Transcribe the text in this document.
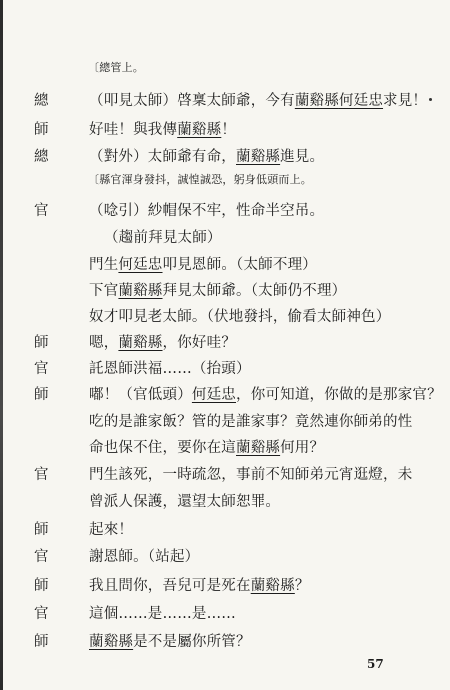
〔總管上。
〔縣官渾身發抖，誠惶誠恐，躬身低頭而上。
總	（叩見太師）啓稟太師爺，今有蘭谿縣何廷忠求見！
師	好哇！與我傳蘭谿縣！
總	（對外）太師爺有命，蘭谿縣進見。
官	（唸引）紗帽保不牢，性命半空吊。
（趨前拜見太師）
門生何廷忠叩見恩師。（太師不理）
下官蘭谿縣拜見太師爺。（太師仍不理）
奴才叩見老太師。（伏地發抖，偷看太師神色）
師	嗯，蘭谿縣，你好哇？
官	託恩師洪福……（抬頭）
師	嘟！（官低頭）何廷忠，你可知道，你做的是那家官？
吃的是誰家飯？管的是誰家事？竟然連你師弟的性
命也保不住，要你在這蘭谿縣何用？
官	門生該死，一時疏忽，事前不知師弟元宵逛燈，未
曾派人保護，還望太師恕罪。
師	起來！
官	謝恩師。（站起）
師	我且問你，吾兒可是死在蘭谿縣？
官	這個……是……是……
師	蘭谿縣是不是屬你所管？
57
